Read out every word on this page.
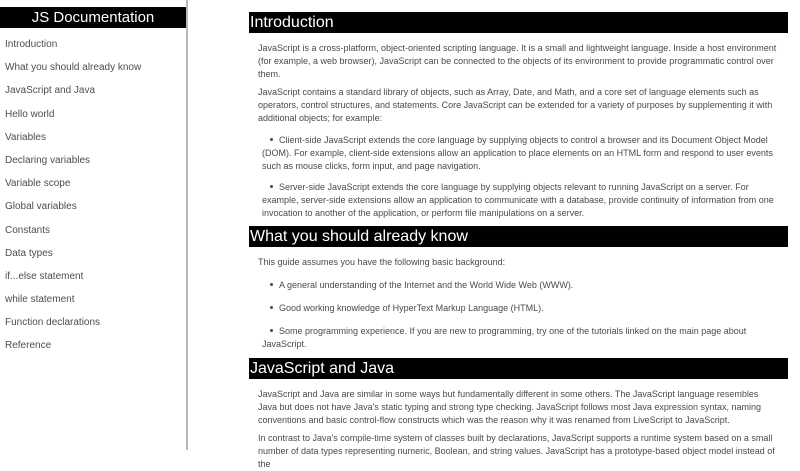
JS Documentation
Introduction
What you should already know
JavaScript and Java
Hello world
Variables
Declaring variables
Variable scope
Global variables
Constants
Data types
if...else statement
while statement
Function declarations
Reference
Introduction

JavaScript is a cross-platform, object-oriented scripting language. It is a small and lightweight language. Inside a host environment (for example, a web browser), JavaScript can be connected to the objects of its environment to provide programmatic control over them.

JavaScript contains a standard library of objects, such as Array, Date, and Math, and a core set of language elements such as operators, control structures, and statements. Core JavaScript can be extended for a variety of purposes by supplementing it with additional objects; for example:

Client-side JavaScript extends the core language by supplying objects to control a browser and its Document Object Model (DOM). For example, client-side extensions allow an application to place elements on an HTML form and respond to user events such as mouse clicks, form input, and page navigation.
Server-side JavaScript extends the core language by supplying objects relevant to running JavaScript on a server. For example, server-side extensions allow an application to communicate with a database, provide continuity of information from one invocation to another of the application, or perform file manipulations on a server.
What you should already know

This guide assumes you have the following basic background:

A general understanding of the Internet and the World Wide Web (WWW).
Good working knowledge of HyperText Markup Language (HTML).
Some programming experience. If you are new to programming, try one of the tutorials linked on the main page about JavaScript.
JavaScript and Java

JavaScript and Java are similar in some ways but fundamentally different in some others. The JavaScript language resembles Java but does not have Java's static typing and strong type checking. JavaScript follows most Java expression syntax, naming conventions and basic control-flow constructs which was the reason why it was renamed from LiveScript to JavaScript.

In contrast to Java's compile-time system of classes built by declarations, JavaScript supports a runtime system based on a small number of data types representing numeric, Boolean, and string values. JavaScript has a prototype-based object model instead of the
